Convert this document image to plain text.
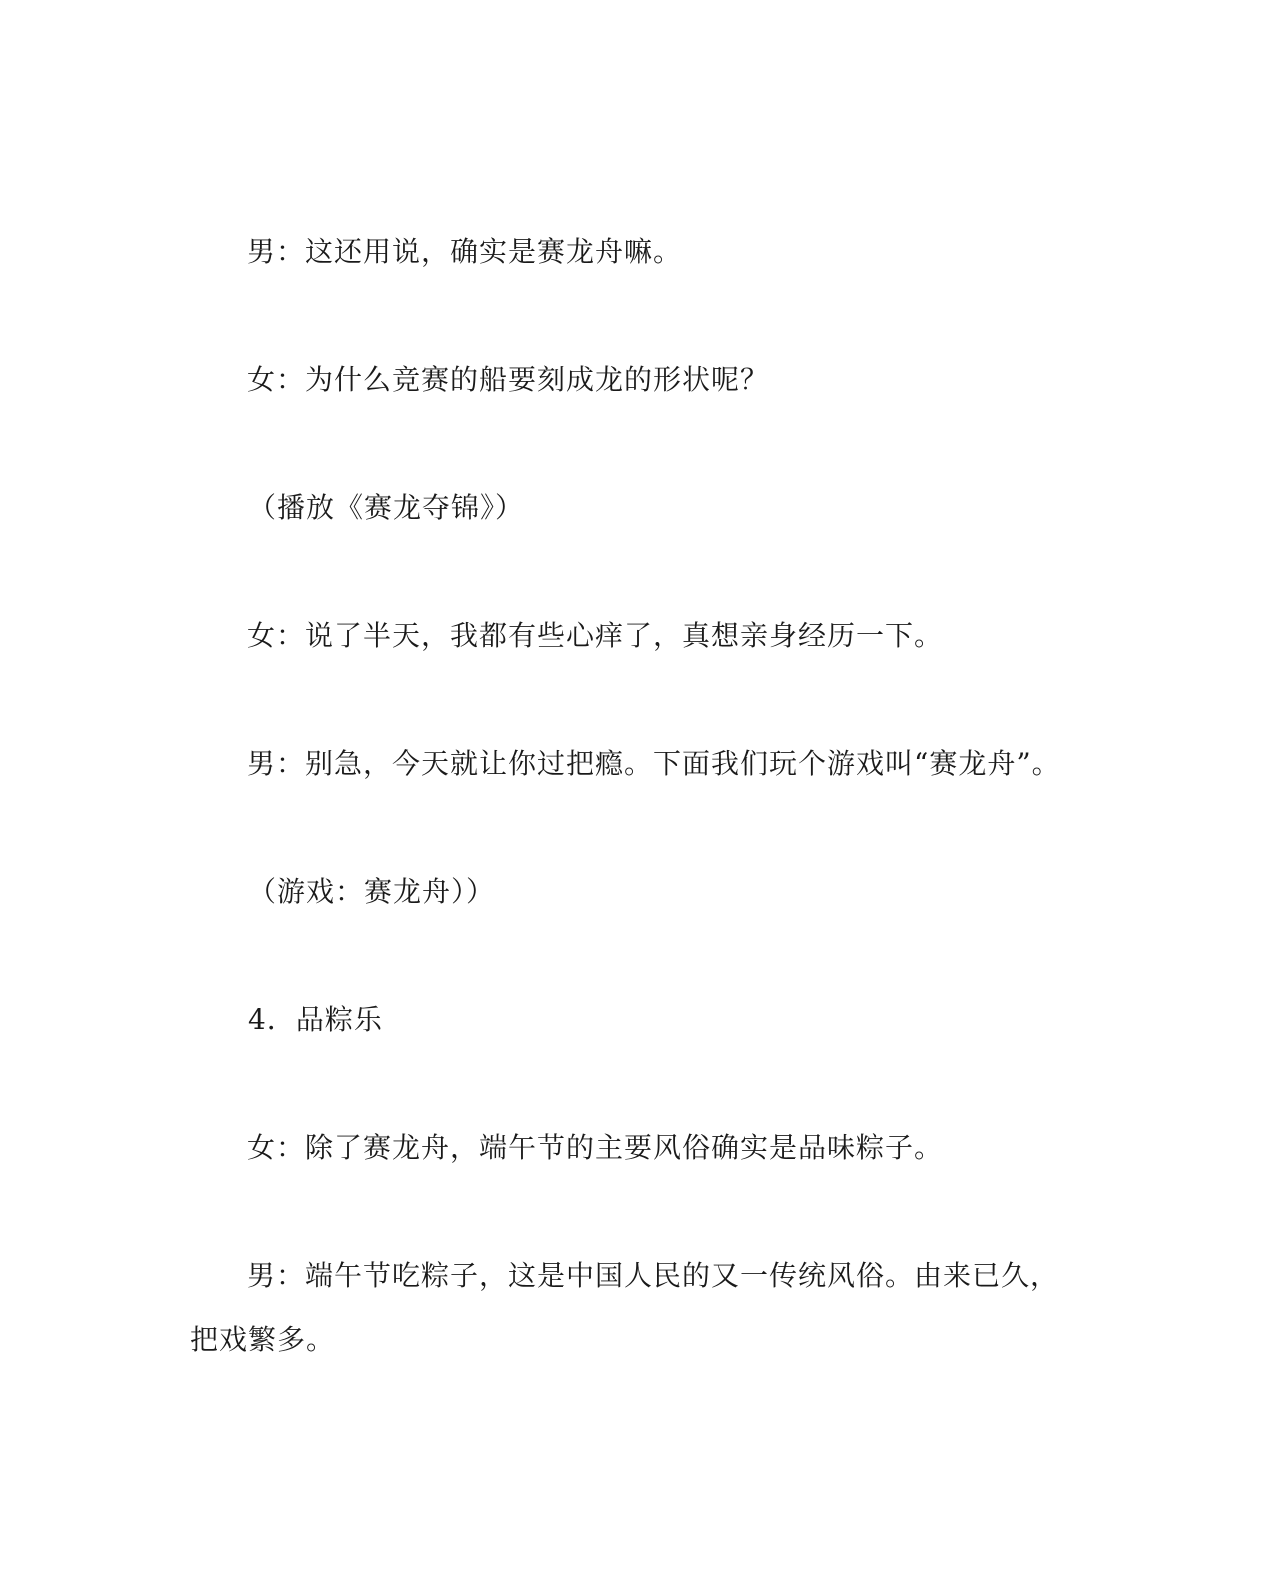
男：这还用说，确实是赛龙舟嘛。

女：为什么竞赛的船要刻成龙的形状呢？

（播放《赛龙夺锦》）

女：说了半天，我都有些心痒了，真想亲身经历一下。

男：别急，今天就让你过把瘾。下面我们玩个游戏叫“赛龙舟”。

（游戏：赛龙舟））

4．品粽乐

女：除了赛龙舟，端午节的主要风俗确实是品味粽子。

男：端午节吃粽子，这是中国人民的又一传统风俗。由来已久，把戏繁多。
